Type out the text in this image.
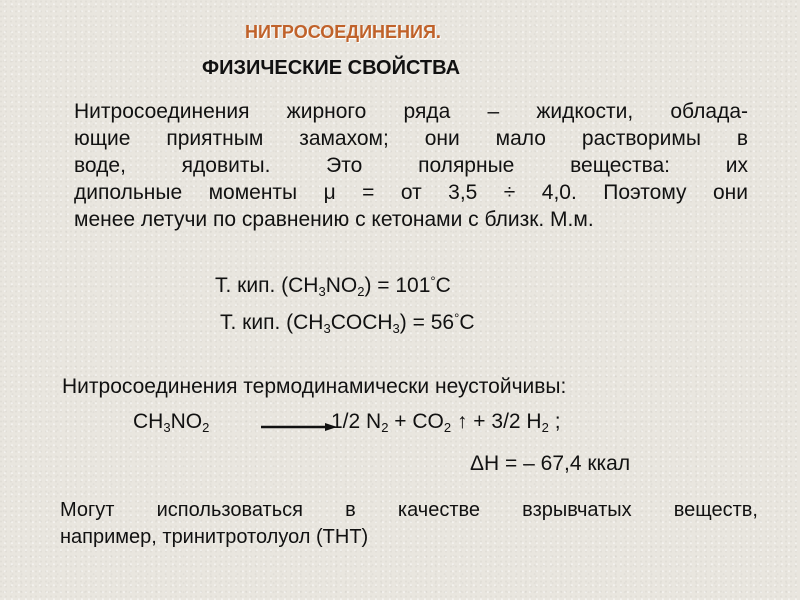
НИТРОСОЕДИНЕНИЯ.
ФИЗИЧЕСКИЕ СВОЙСТВА
Нитросоединения жирного ряда – жидкости, облада-
ющие приятным замахом; они мало растворимы в
воде, ядовиты. Это полярные вещества: их
дипольные моменты μ = от 3,5 ÷ 4,0. Поэтому они
менее летучи по сравнению с кетонами с близк. М.м.
Т. кип. $(CH_3NO_2) = 101^\circ C$
Т. кип. $(CH_3COCH_3) = 56^\circ C$
Нитросоединения термодинамически неустойчивы:
$CH_3NO_2$	1/2 $N_2 + CO_2$ ↑ + 3/2 $H_2$ ;
ΔH = – 67,4 ккал
Могут использоваться в качестве взрывчатых веществ,
например, тринитротолуол (ТНТ)
